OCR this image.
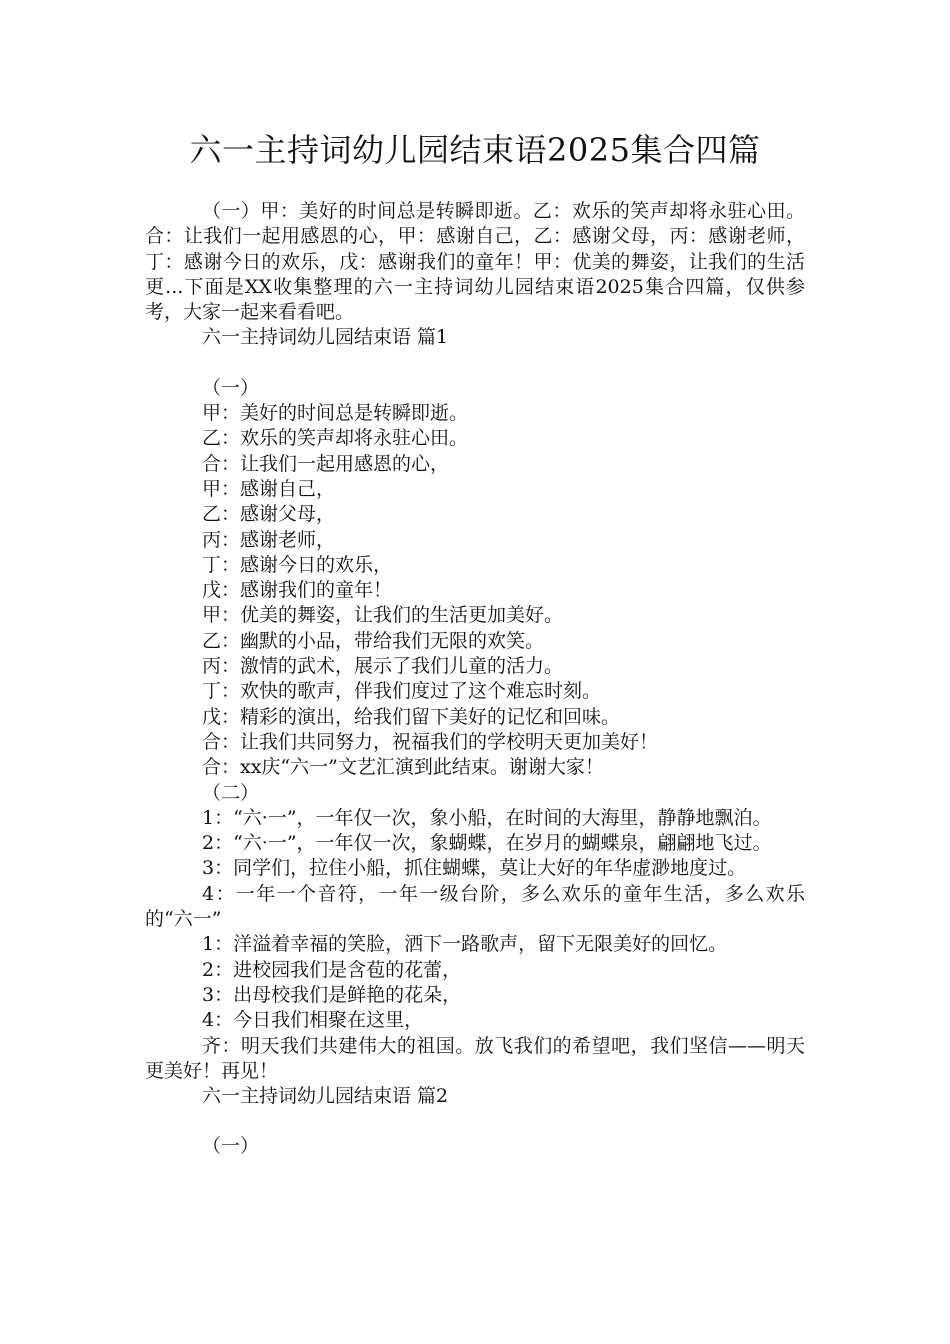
六一主持词幼儿园结束语2025集合四篇

（一）甲：美好的时间总是转瞬即逝。乙：欢乐的笑声却将永驻心田。合：让我们一起用感恩的心，甲：感谢自己，乙：感谢父母，丙：感谢老师，丁：感谢今日的欢乐，戊：感谢我们的童年！甲：优美的舞姿，让我们的生活更...下面是XX收集整理的六一主持词幼儿园结束语2025集合四篇，仅供参考，大家一起来看看吧。

六一主持词幼儿园结束语 篇1

（一）

甲：美好的时间总是转瞬即逝。

乙：欢乐的笑声却将永驻心田。

合：让我们一起用感恩的心，

甲：感谢自己，

乙：感谢父母，

丙：感谢老师，

丁：感谢今日的欢乐，

戊：感谢我们的童年！

甲：优美的舞姿，让我们的生活更加美好。

乙：幽默的小品，带给我们无限的欢笑。

丙：激情的武术，展示了我们儿童的活力。

丁：欢快的歌声，伴我们度过了这个难忘时刻。

戊：精彩的演出，给我们留下美好的记忆和回味。

合：让我们共同努力，祝福我们的学校明天更加美好！

合：xx庆“六一”文艺汇演到此结束。谢谢大家！

（二）

1：“六·一”，一年仅一次，象小船，在时间的大海里，静静地飘泊。

2：“六·一”，一年仅一次，象蝴蝶，在岁月的蝴蝶泉，翩翩地飞过。

3：同学们，拉住小船，抓住蝴蝶，莫让大好的年华虚渺地度过。

4：一年一个音符，一年一级台阶，多么欢乐的童年生活，多么欢乐的“六一”

1：洋溢着幸福的笑脸，洒下一路歌声，留下无限美好的回忆。

2：进校园我们是含苞的花蕾，

3：出母校我们是鲜艳的花朵，

4：今日我们相聚在这里，

齐：明天我们共建伟大的祖国。放飞我们的希望吧，我们坚信——明天更美好！再见！

六一主持词幼儿园结束语 篇2

（一）
